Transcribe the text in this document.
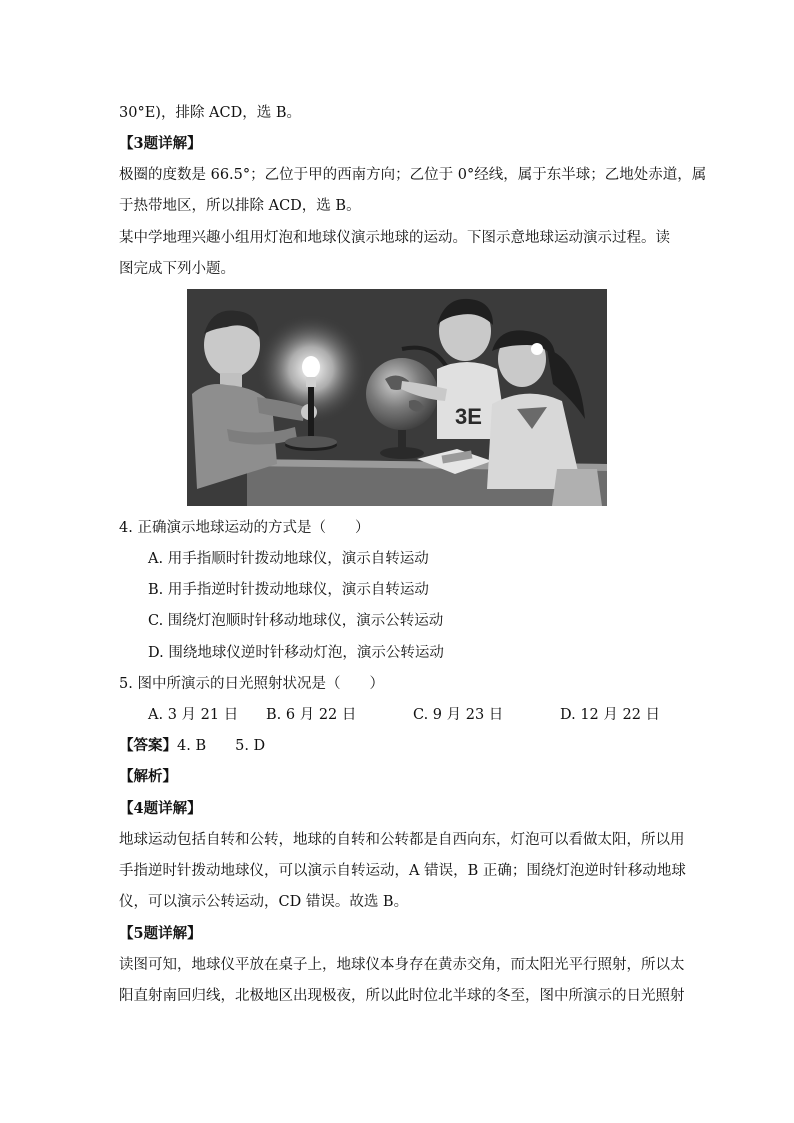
30°E)，排除 ACD，选 B。
【3题详解】
极圈的度数是 66.5°；乙位于甲的西南方向；乙位于 0°经线，属于东半球；乙地处赤道，属
于热带地区，所以排除 ACD，选 B。
某中学地理兴趣小组用灯泡和地球仪演示地球的运动。下图示意地球运动演示过程。读
图完成下列小题。
3E
4. 正确演示地球运动的方式是（　　）
A. 用手指顺时针拨动地球仪，演示自转运动
B. 用手指逆时针拨动地球仪，演示自转运动
C. 围绕灯泡顺时针移动地球仪，演示公转运动
D. 围绕地球仪逆时针移动灯泡，演示公转运动
5. 图中所演示的日光照射状况是（　　）
A. 3 月 21 日 B. 6 月 22 日	C. 9 月 23 日	D. 12 月 22 日
【答案】4. B　　5. D
【解析】
【4题详解】
地球运动包括自转和公转，地球的自转和公转都是自西向东，灯泡可以看做太阳，所以用
手指逆时针拨动地球仪，可以演示自转运动，A 错误，B 正确；围绕灯泡逆时针移动地球
仪，可以演示公转运动，CD 错误。故选 B。
【5题详解】
读图可知，地球仪平放在桌子上，地球仪本身存在黄赤交角，而太阳光平行照射，所以太
阳直射南回归线，北极地区出现极夜，所以此时位北半球的冬至，图中所演示的日光照射
